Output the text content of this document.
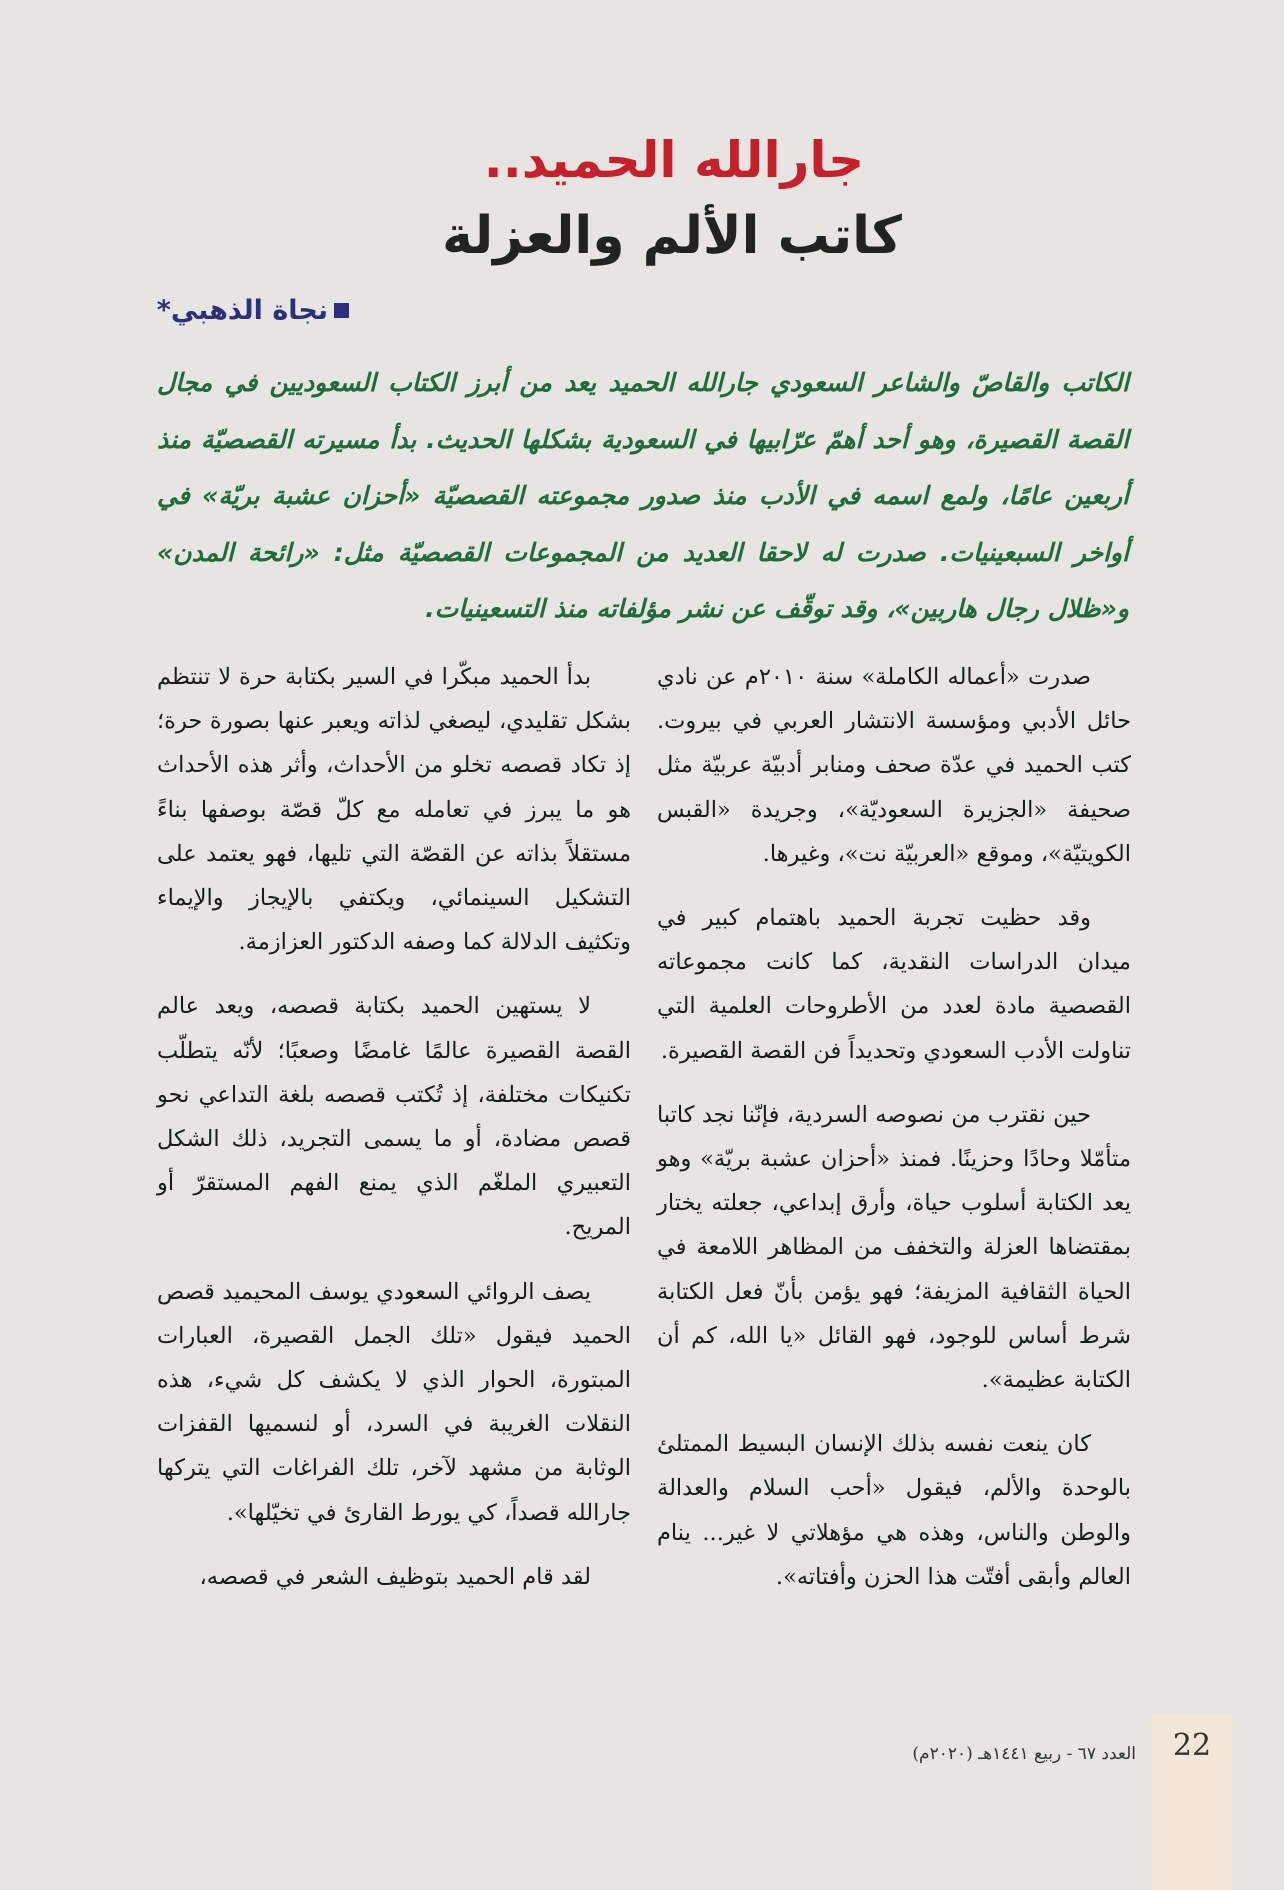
جارالله الحميد..
كاتب الألم والعزلة
نجاة الذهبي*
الكاتب والقاصّ والشاعر السعودي جارالله الحميد يعد من أبرز الكتاب السعوديين في مجال القصة القصيرة، وهو أحد أهمّ عرّابيها في السعودية بشكلها الحديث. بدأ مسيرته القصصيّة منذ أربعين عامًا، ولمع اسمه في الأدب منذ صدور مجموعته القصصيّة «أحزان عشبة بريّة» في أواخر السبعينيات. صدرت له لاحقا العديد من المجموعات القصصيّة مثل: «رائحة المدن» و«ظلال رجال هاربين»، وقد توقّف عن نشر مؤلفاته منذ التسعينيات.

صدرت «أعماله الكاملة» سنة ٢٠١٠م عن نادي حائل الأدبي ومؤسسة الانتشار العربي في بيروت. كتب الحميد في عدّة صحف ومنابر أدبيّة عربيّة مثل صحيفة «الجزيرة السعوديّة»، وجريدة «القبس الكويتيّة»، وموقع «العربيّة نت»، وغيرها.

وقد حظيت تجربة الحميد باهتمام كبير في ميدان الدراسات النقدية، كما كانت مجموعاته القصصية مادة لعدد من الأطروحات العلمية التي تناولت الأدب السعودي وتحديداً فن القصة القصيرة.

حين نقترب من نصوصه السردية، فإنّنا نجد كاتبا متأمّلا وحادًا وحزينًا. فمنذ «أحزان عشبة بريّة» وهو يعد الكتابة أسلوب حياة، وأرق إبداعي، جعلته يختار بمقتضاها العزلة والتخفف من المظاهر اللامعة في الحياة الثقافية المزيفة؛ فهو يؤمن بأنّ فعل الكتابة شرط أساس للوجود، فهو القائل «يا الله، كم أن الكتابة عظيمة».

كان ينعت نفسه بذلك الإنسان البسيط الممتلئ بالوحدة والألم، فيقول «أحب السلام والعدالة والوطن والناس، وهذه هي مؤهلاتي لا غير... ينام العالم وأبقى أفتّت هذا الحزن وأفتاته».

بدأ الحميد مبكّرا في السير بكتابة حرة لا تنتظم بشكل تقليدي، ليصغي لذاته ويعبر عنها بصورة حرة؛ إذ تكاد قصصه تخلو من الأحداث، وأثر هذه الأحداث هو ما يبرز في تعامله مع كلّ قصّة بوصفها بناءً مستقلاً بذاته عن القصّة التي تليها، فهو يعتمد على التشكيل السينمائي، ويكتفي بالإيجاز والإيماء وتكثيف الدلالة كما وصفه الدكتور العزازمة.

لا يستهين الحميد بكتابة قصصه، ويعد عالم القصة القصيرة عالمًا غامضًا وصعبًا؛ لأنّه يتطلّب تكنيكات مختلفة، إذ تُكتب قصصه بلغة التداعي نحو قصص مضادة، أو ما يسمى التجريد، ذلك الشكل التعبيري الملغّم الذي يمنع الفهم المستقرّ أو المريح.

يصف الروائي السعودي يوسف المحيميد قصص الحميد فيقول «تلك الجمل القصيرة، العبارات المبتورة، الحوار الذي لا يكشف كل شيء، هذه النقلات الغريبة في السرد، أو لنسميها القفزات الوثابة من مشهد لآخر، تلك الفراغات التي يتركها جارالله قصداً، كي يورط القارئ في تخيّلها».

لقد قام الحميد بتوظيف الشعر في قصصه،

22
العدد ٦٧ - ربيع ١٤٤١هـ (٢٠٢٠م)
